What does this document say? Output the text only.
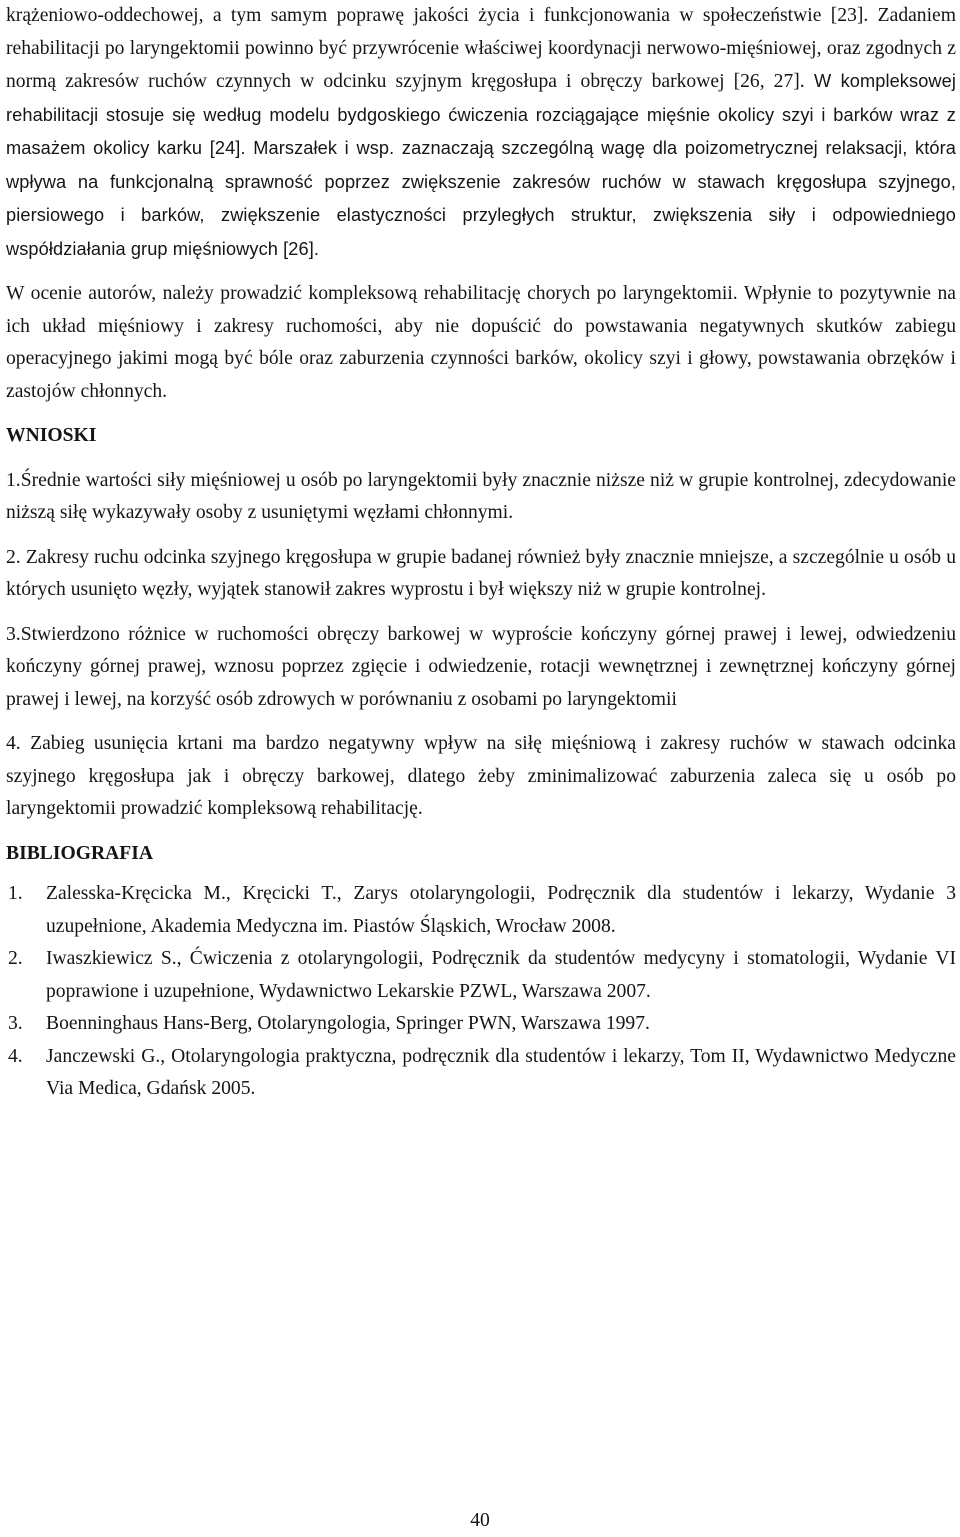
krążeniowo-oddechowej, a tym samym poprawę jakości życia i funkcjonowania w społeczeństwie [23]. Zadaniem rehabilitacji po laryngektomii powinno być przywrócenie właściwej koordynacji nerwowo-mięśniowej, oraz zgodnych z normą zakresów ruchów czynnych w odcinku szyjnym kręgosłupa i obręczy barkowej [26, 27]. W kompleksowej rehabilitacji stosuje się według modelu bydgoskiego ćwiczenia rozciągające mięśnie okolicy szyi i barków wraz z masażem okolicy karku [24]. Marszałek i wsp. zaznaczają szczególną wagę dla poizometrycznej relaksacji, która wpływa na funkcjonalną sprawność poprzez zwiększenie zakresów ruchów w stawach kręgosłupa szyjnego, piersiowego i barków, zwiększenie elastyczności przyległych struktur, zwiększenia siły i odpowiedniego współdziałania grup mięśniowych [26].

W ocenie autorów, należy prowadzić kompleksową rehabilitację chorych po laryngektomii. Wpłynie to pozytywnie na ich układ mięśniowy i zakresy ruchomości, aby nie dopuścić do powstawania negatywnych skutków zabiegu operacyjnego jakimi mogą być bóle oraz zaburzenia czynności barków, okolicy szyi i głowy, powstawania obrzęków i zastojów chłonnych.

WNIOSKI

1.Średnie wartości siły mięśniowej u osób po laryngektomii były znacznie niższe niż w grupie kontrolnej, zdecydowanie niższą siłę wykazywały osoby z usuniętymi węzłami chłonnymi.

2. Zakresy ruchu odcinka szyjnego kręgosłupa w grupie badanej również były znacznie mniejsze, a szczególnie u osób u których usunięto węzły, wyjątek stanowił zakres wyprostu i był większy niż w grupie kontrolnej.

3.Stwierdzono różnice w ruchomości obręczy barkowej w wyproście kończyny górnej prawej i lewej, odwiedzeniu kończyny górnej prawej, wznosu poprzez zgięcie i odwiedzenie, rotacji wewnętrznej i zewnętrznej kończyny górnej prawej i lewej, na korzyść osób zdrowych w porównaniu z osobami po laryngektomii

4. Zabieg usunięcia krtani ma bardzo negatywny wpływ na siłę mięśniową i zakresy ruchów w stawach odcinka szyjnego kręgosłupa jak i obręczy barkowej, dlatego żeby zminimalizować zaburzenia zaleca się u osób po laryngektomii prowadzić kompleksową rehabilitację.

BIBLIOGRAFIA
1. Zalesska-Kręcicka M., Kręcicki T., Zarys otolaryngologii, Podręcznik dla studentów i lekarzy, Wydanie 3 uzupełnione, Akademia Medyczna im. Piastów Śląskich, Wrocław 2008.
2. Iwaszkiewicz S., Ćwiczenia z otolaryngologii, Podręcznik da studentów medycyny i stomatologii, Wydanie VI poprawione i uzupełnione, Wydawnictwo Lekarskie PZWL, Warszawa 2007.
3. Boenninghaus Hans-Berg, Otolaryngologia, Springer PWN, Warszawa 1997.
4. Janczewski G., Otolaryngologia praktyczna, podręcznik dla studentów i lekarzy, Tom II, Wydawnictwo Medyczne Via Medica, Gdańsk 2005.
40
